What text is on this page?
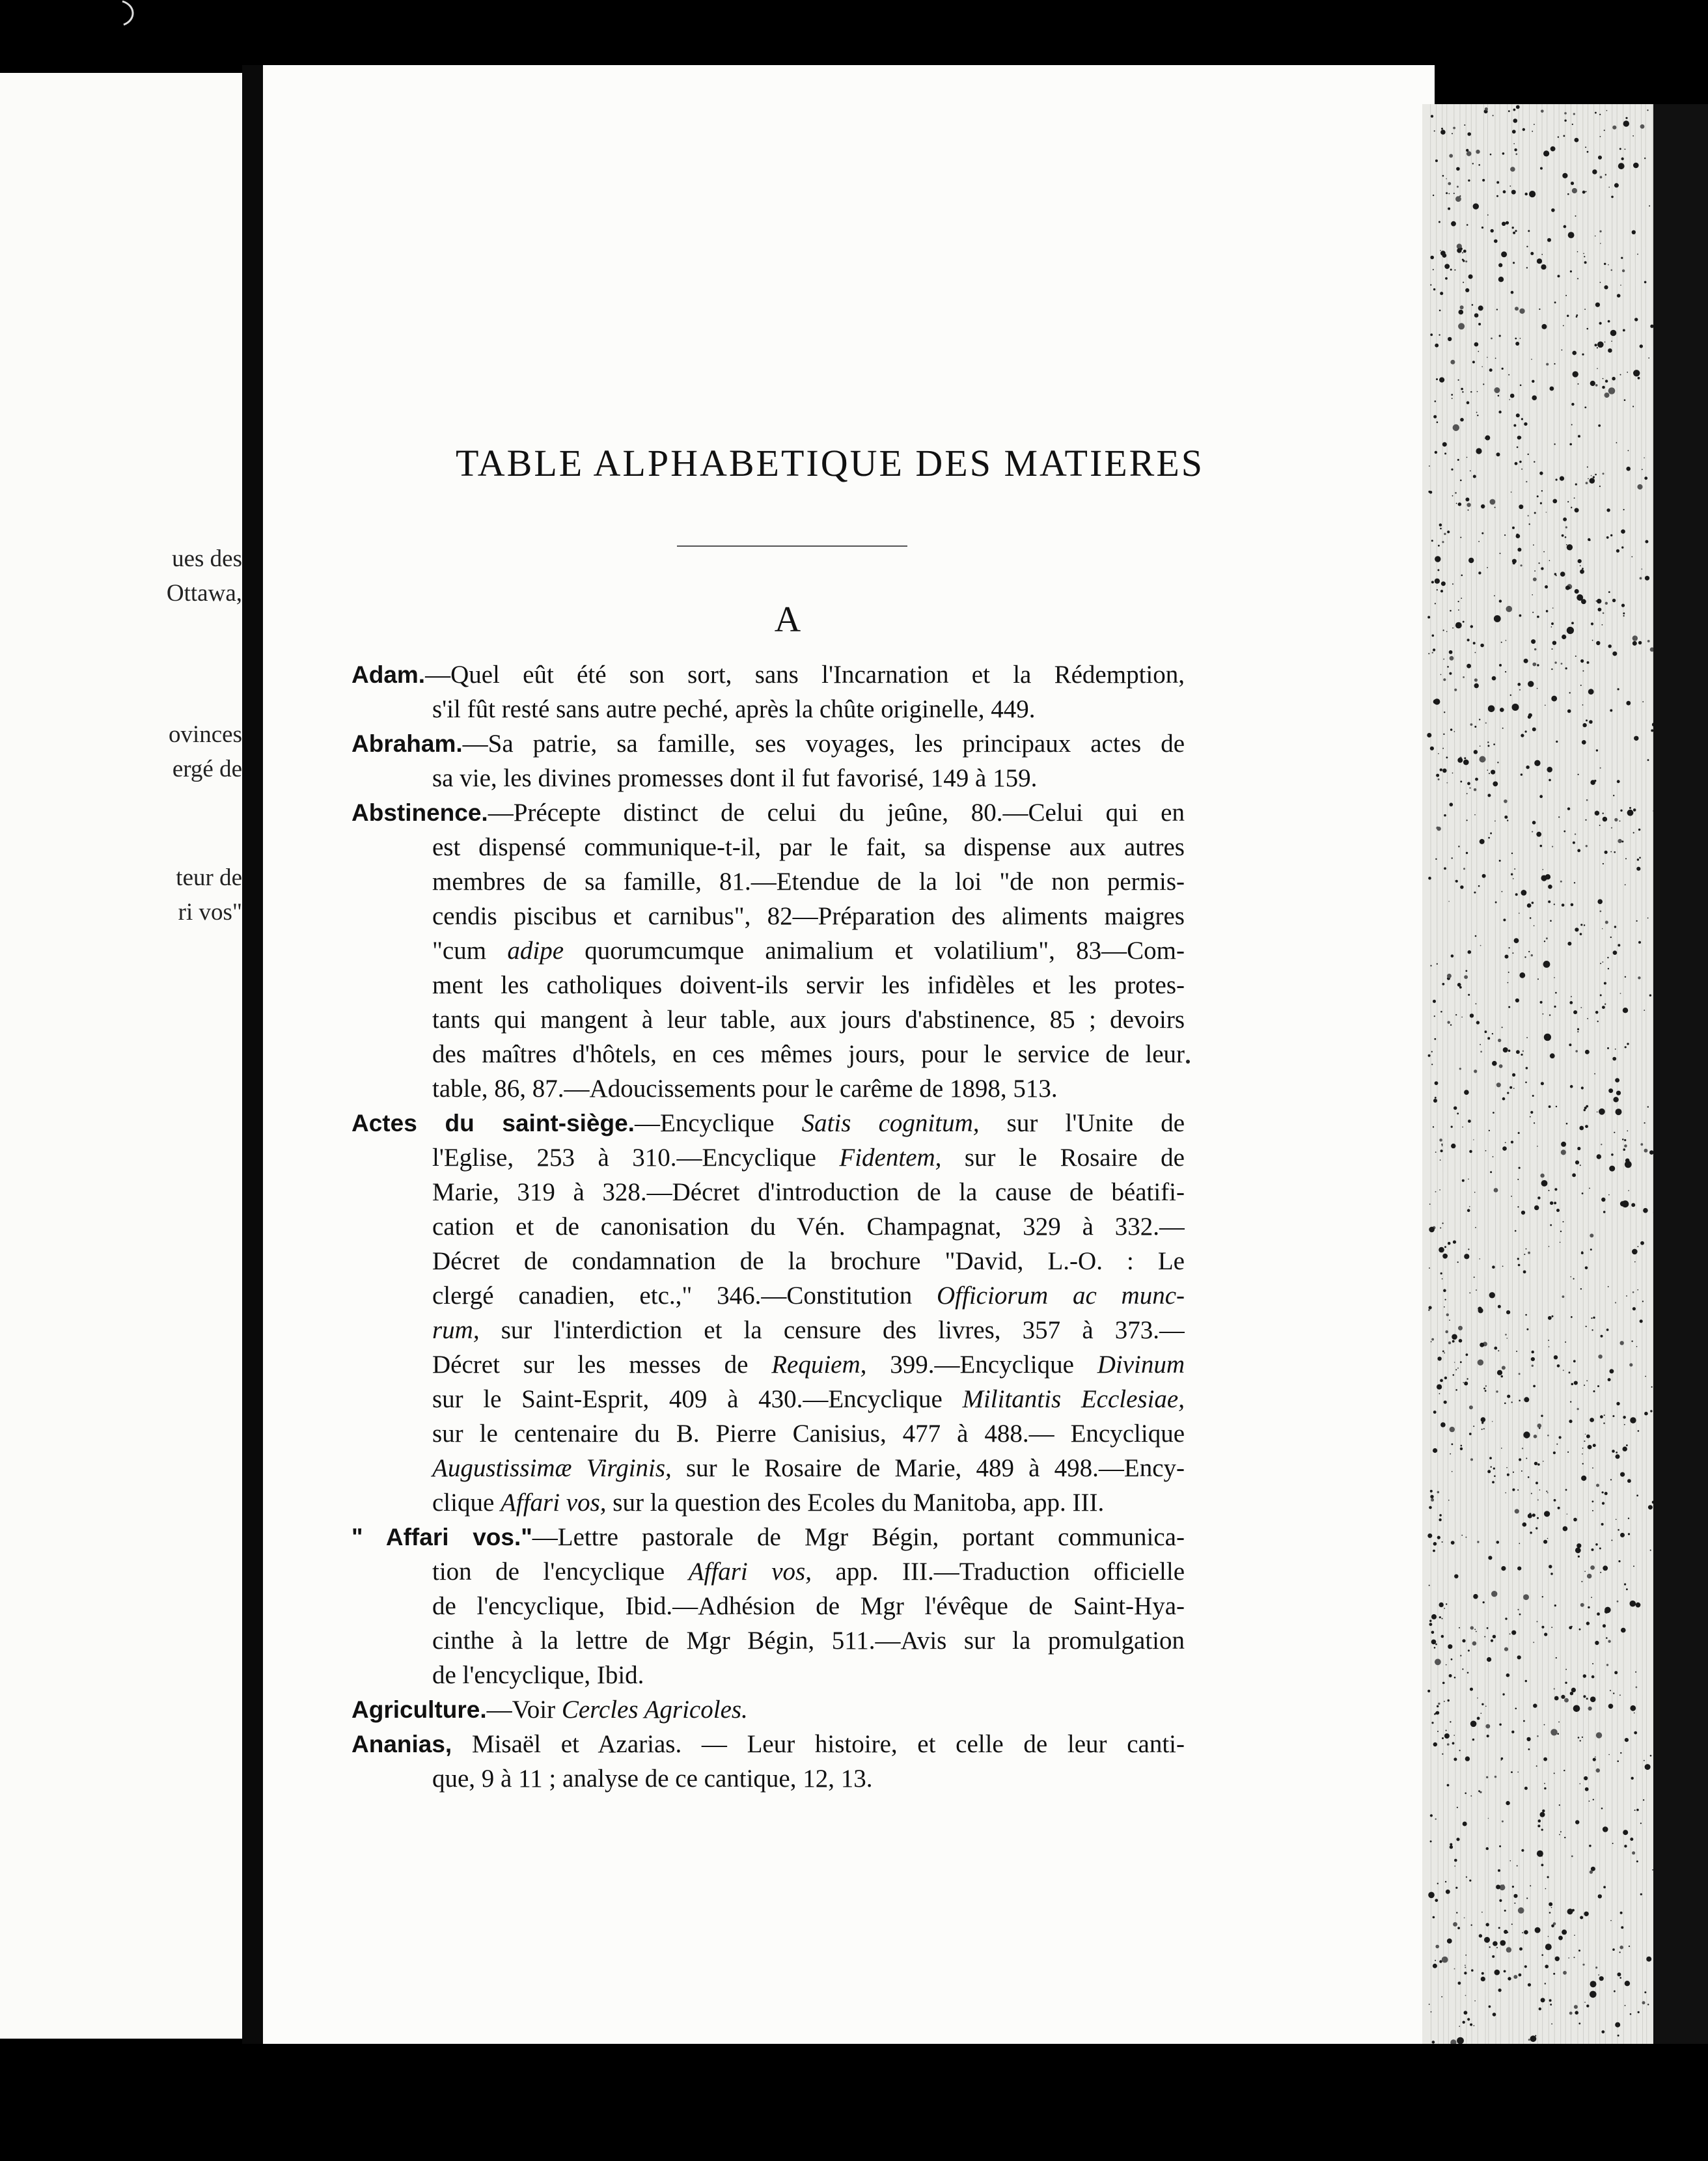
ues des
Ottawa,
ovinces
ergé de
teur de
ri vos"
TABLE ALPHABETIQUE DES MATIERES
A
Adam.—Quel eût été son sort, sans l'Incarnation et la Rédemption,
s'il fût resté sans autre peché, après la chûte originelle, 449.
Abraham.—Sa patrie, sa famille, ses voyages, les principaux actes de
sa vie, les divines promesses dont il fut favorisé, 149 à 159.
Abstinence.—Précepte distinct de celui du jeûne, 80.—Celui qui en
est dispensé communique-t-il, par le fait, sa dispense aux autres
membres de sa famille, 81.—Etendue de la loi "de non permis-
cendis piscibus et carnibus", 82—Préparation des aliments maigres
"cum adipe quorumcumque animalium et volatilium", 83—Com-
ment les catholiques doivent-ils servir les infidèles et les protes-
tants qui mangent à leur table, aux jours d'abstinence, 85 ; devoirs
des maîtres d'hôtels, en ces mêmes jours, pour le service de leur
table, 86, 87.—Adoucissements pour le carême de 1898, 513.
Actes du saint-siège.—Encyclique Satis cognitum, sur l'Unite de
l'Eglise, 253 à 310.—Encyclique Fidentem, sur le Rosaire de
Marie, 319 à 328.—Décret d'introduction de la cause de béatifi-
cation et de canonisation du Vén. Champagnat, 329 à 332.—
Décret de condamnation de la brochure "David, L.-O. : Le
clergé canadien, etc.," 346.—Constitution Officiorum ac munc-
rum, sur l'interdiction et la censure des livres, 357 à 373.—
Décret sur les messes de Requiem, 399.—Encyclique Divinum
sur le Saint-Esprit, 409 à 430.—Encyclique Militantis Ecclesiae,
sur le centenaire du B. Pierre Canisius, 477 à 488.— Encyclique
Augustissimæ Virginis, sur le Rosaire de Marie, 489 à 498.—Ency-
clique Affari vos, sur la question des Ecoles du Manitoba, app. III.
" Affari vos."—Lettre pastorale de Mgr Bégin, portant communica-
tion de l'encyclique Affari vos, app. III.—Traduction officielle
de l'encyclique, Ibid.—Adhésion de Mgr l'évêque de Saint-Hya-
cinthe à la lettre de Mgr Bégin, 511.—Avis sur la promulgation
de l'encyclique, Ibid.
Agriculture.—Voir Cercles Agricoles.
Ananias, Misaël et Azarias. — Leur histoire, et celle de leur canti-
que, 9 à 11 ; analyse de ce cantique, 12, 13.
